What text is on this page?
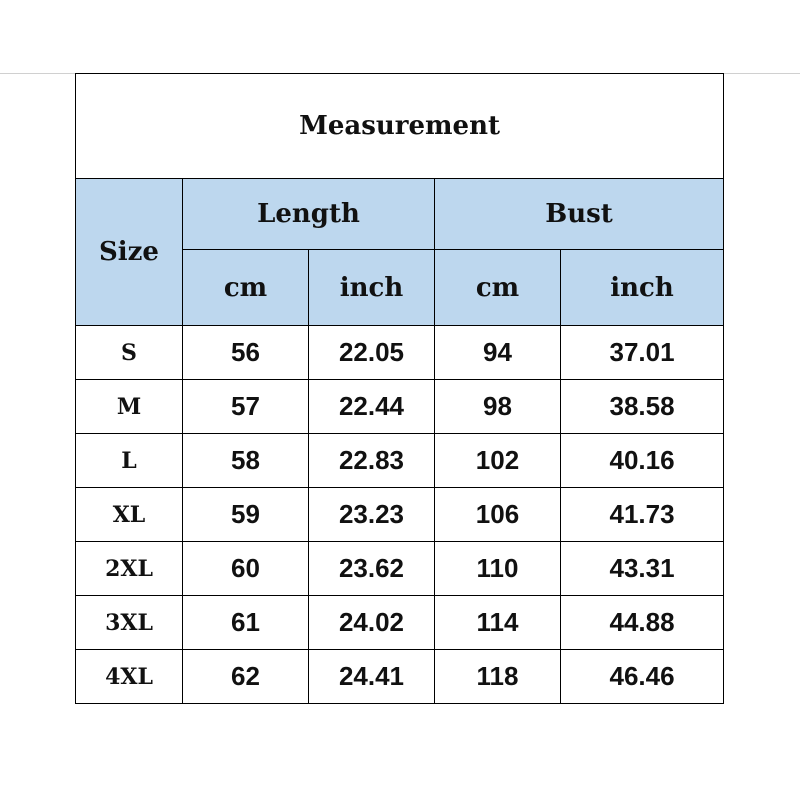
Measurement				
Size	Length		Bust	
	cm	inch	cm	inch
S	56	22.05	94	37.01
M	57	22.44	98	38.58
L	58	22.83	102	40.16
XL	59	23.23	106	41.73
2XL	60	23.62	110	43.31
3XL	61	24.02	114	44.88
4XL	62	24.41	118	46.46
